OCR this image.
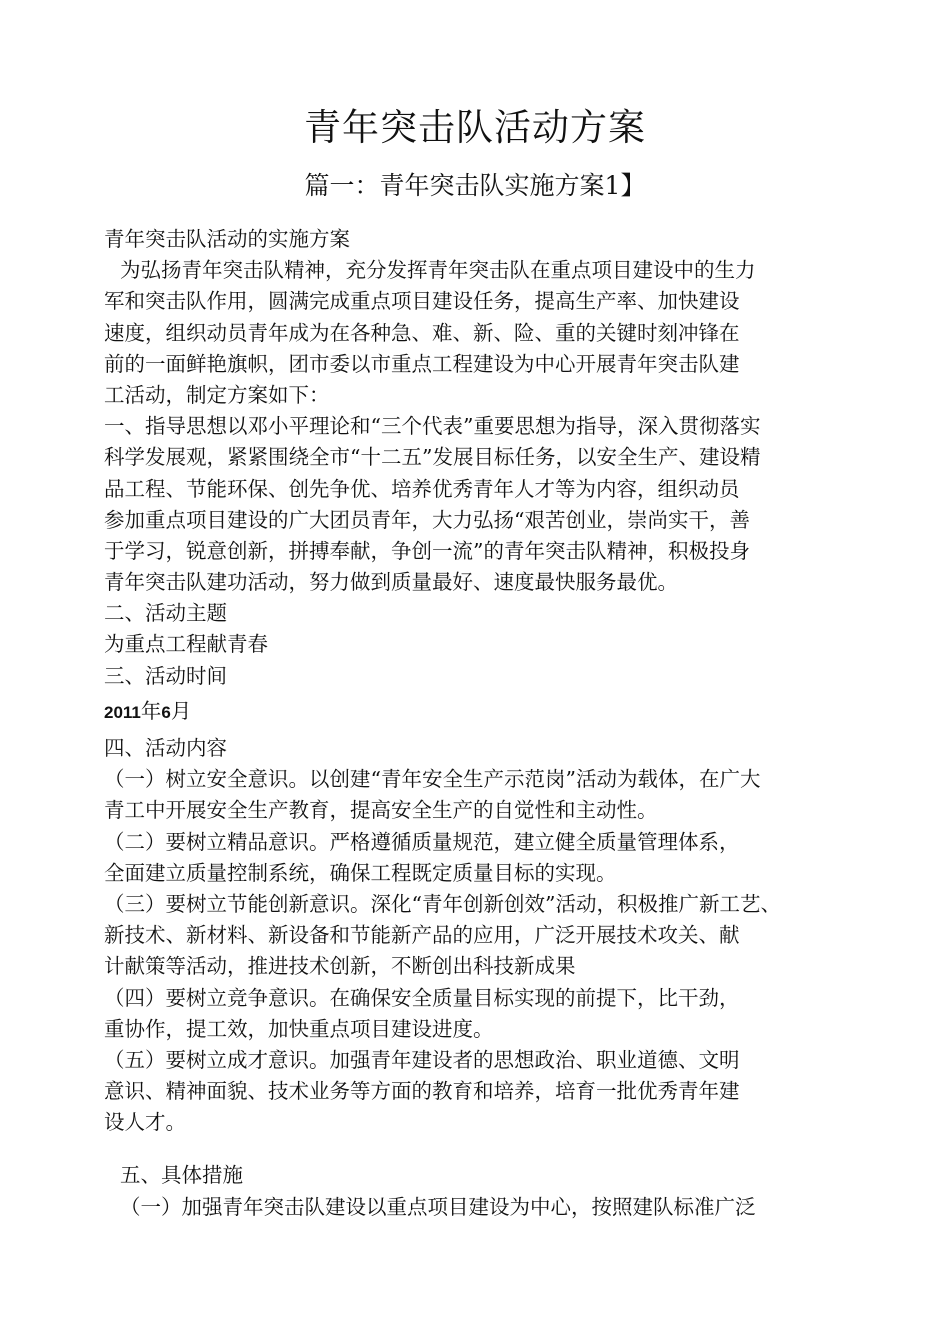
青年突击队活动方案
篇一：青年突击队实施方案1】
青年突击队活动的实施方案
为弘扬青年突击队精神，充分发挥青年突击队在重点项目建设中的生力
军和突击队作用，圆满完成重点项目建设任务，提高生产率、加快建设
速度，组织动员青年成为在各种急、难、新、险、重的关键时刻冲锋在
前的一面鲜艳旗帜，团市委以市重点工程建设为中心开展青年突击队建
工活动，制定方案如下：
一、指导思想以邓小平理论和“三个代表”重要思想为指导，深入贯彻落实
科学发展观，紧紧围绕全市“十二五”发展目标任务，以安全生产、建设精
品工程、节能环保、创先争优、培养优秀青年人才等为内容，组织动员
参加重点项目建设的广大团员青年，大力弘扬“艰苦创业，崇尚实干，善
于学习，锐意创新，拼搏奉献，争创一流”的青年突击队精神，积极投身
青年突击队建功活动，努力做到质量最好、速度最快服务最优。
二、活动主题
为重点工程献青春
三、活动时间
2011年6月
四、活动内容
（一）树立安全意识。以创建“青年安全生产示范岗”活动为载体，在广大
青工中开展安全生产教育，提高安全生产的自觉性和主动性。
（二）要树立精品意识。严格遵循质量规范，建立健全质量管理体系，
全面建立质量控制系统，确保工程既定质量目标的实现。
（三）要树立节能创新意识。深化“青年创新创效”活动，积极推广新工艺、
新技术、新材料、新设备和节能新产品的应用，广泛开展技术攻关、献
计献策等活动，推进技术创新，不断创出科技新成果
（四）要树立竞争意识。在确保安全质量目标实现的前提下，比干劲，
重协作，提工效，加快重点项目建设进度。
（五）要树立成才意识。加强青年建设者的思想政治、职业道德、文明
意识、精神面貌、技术业务等方面的教育和培养，培育一批优秀青年建
设人才。
五、具体措施
（一）加强青年突击队建设以重点项目建设为中心，按照建队标准广泛
